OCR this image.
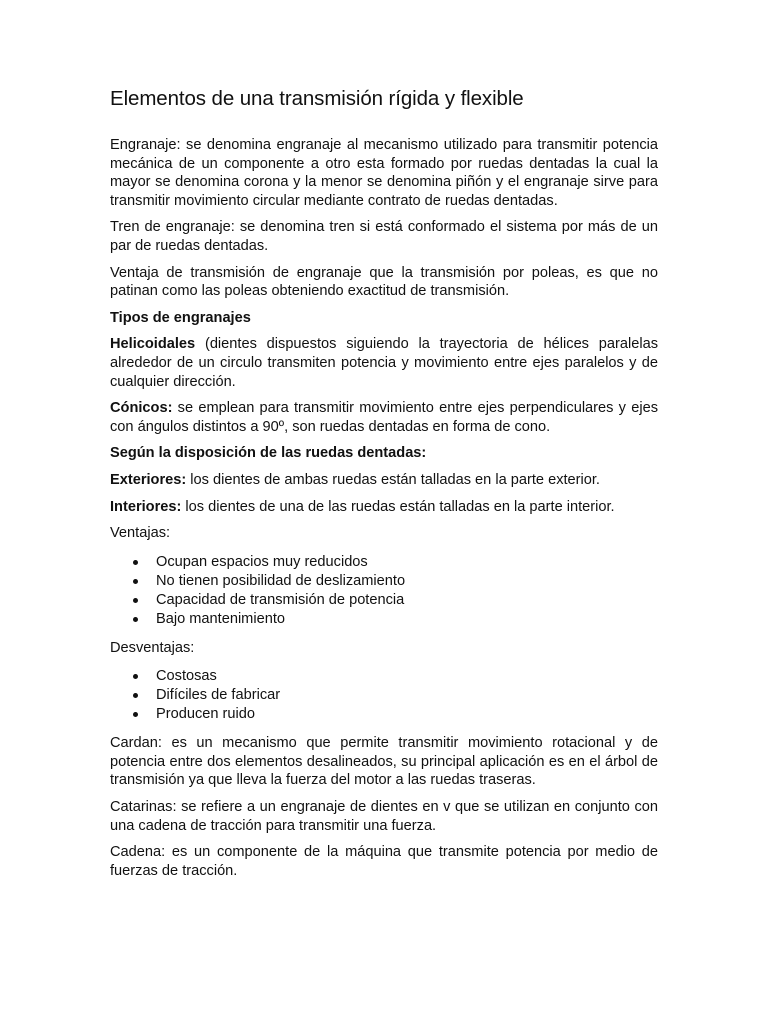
Elementos de una transmisión rígida y flexible

Engranaje: se denomina engranaje al mecanismo utilizado para transmitir potencia mecánica de un componente a otro esta formado por ruedas dentadas la cual la mayor se denomina corona y la menor se denomina piñón y el engranaje sirve para transmitir movimiento circular mediante contrato de ruedas dentadas.

Tren de engranaje: se denomina tren si está conformado el sistema por más de un par de ruedas dentadas.

Ventaja de transmisión de engranaje que la transmisión por poleas, es que no patinan como las poleas obteniendo exactitud de transmisión.

Tipos de engranajes

Helicoidales (dientes dispuestos siguiendo la trayectoria de hélices paralelas alrededor de un circulo transmiten potencia y movimiento entre ejes paralelos y de cualquier dirección.

Cónicos: se emplean para transmitir movimiento entre ejes perpendiculares y ejes con ángulos distintos a 90º, son ruedas dentadas en forma de cono.

Según la disposición de las ruedas dentadas:

Exteriores: los dientes de ambas ruedas están talladas en la parte exterior.

Interiores: los dientes de una de las ruedas están talladas en la parte interior.

Ventajas:

Ocupan espacios muy reducidos
No tienen posibilidad de deslizamiento
Capacidad de transmisión de potencia
Bajo mantenimiento

Desventajas:

Costosas
Difíciles de fabricar
Producen ruido

Cardan: es un mecanismo que permite transmitir movimiento rotacional y de potencia entre dos elementos desalineados, su principal aplicación es en el árbol de transmisión ya que lleva la fuerza del motor a las ruedas traseras.

Catarinas: se refiere a un engranaje de dientes en v que se utilizan en conjunto con una cadena de tracción para transmitir una fuerza.

Cadena: es un componente de la máquina que transmite potencia por medio de fuerzas de tracción.
